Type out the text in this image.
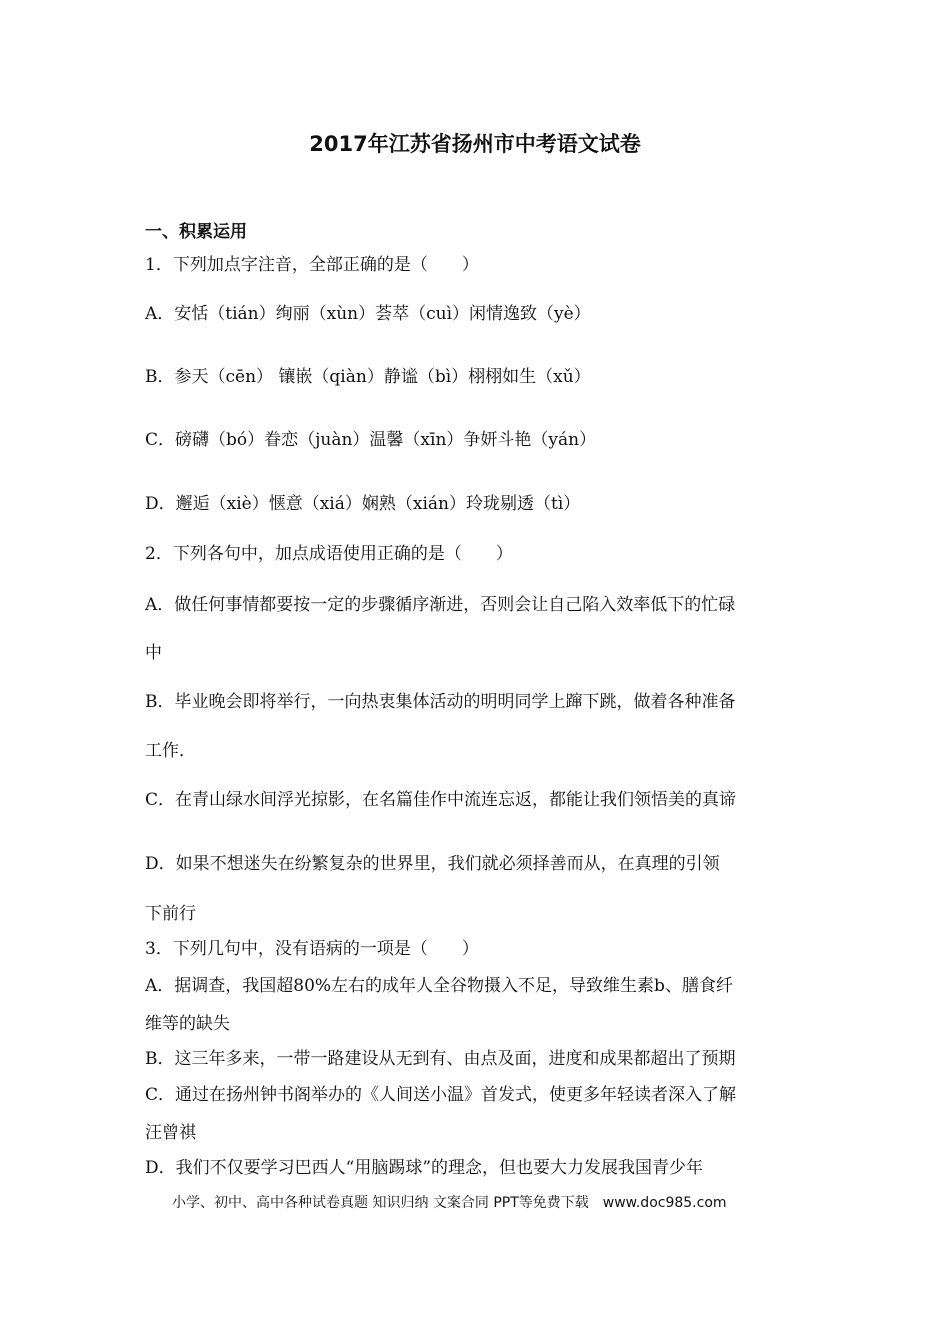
2017年江苏省扬州市中考语文试卷
一、积累运用
1．下列加点字注音，全部正确的是（　　）
A．安恬（tián）绚丽（xùn）荟萃（cuì）闲情逸致（yè）
B．参天（cēn） 镶嵌（qiàn）静谧（bì）栩栩如生（xǔ）
C．磅礴（bó）眷恋（juàn）温馨（xīn）争妍斗艳（yán）
D．邂逅（xiè）惬意（xiá）娴熟（xián）玲珑剔透（tì）
2．下列各句中，加点成语使用正确的是（　　）
A．做任何事情都要按一定的步骤循序渐进，否则会让自己陷入效率低下的忙碌
中
B．毕业晚会即将举行，一向热衷集体活动的明明同学上蹿下跳，做着各种准备
工作．
C．在青山绿水间浮光掠影，在名篇佳作中流连忘返，都能让我们领悟美的真谛
D．如果不想迷失在纷繁复杂的世界里，我们就必须择善而从，在真理的引领
下前行
3．下列几句中，没有语病的一项是（　　）
A．据调查，我国超80%左右的成年人全谷物摄入不足，导致维生素b、膳食纤
维等的缺失
B．这三年多来，一带一路建设从无到有、由点及面，进度和成果都超出了预期
C．通过在扬州钟书阁举办的《人间送小温》首发式，使更多年轻读者深入了解
汪曾祺
D．我们不仅要学习巴西人“用脑踢球”的理念，但也要大力发展我国青少年
小学、初中、高中各种试卷真题 知识归纳 文案合同 PPT等免费下载　www.doc985.com
